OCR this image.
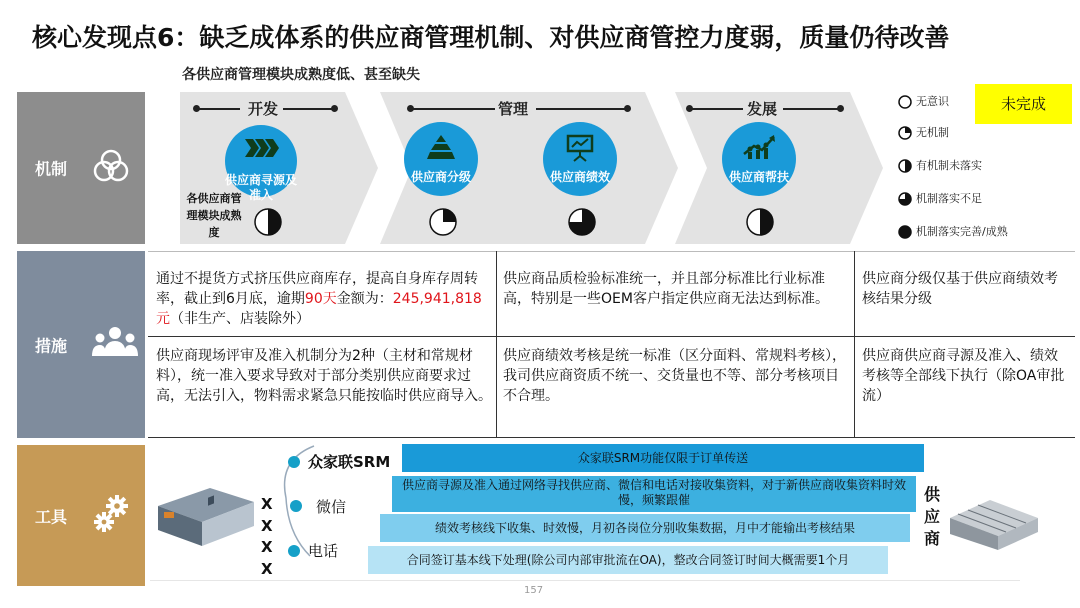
核心发现点6：缺乏成体系的供应商管理机制、对供应商管控力度弱，质量仍待改善
各供应商管理模块成熟度低、甚至缺失
机制
措施
工具
开发
供应商寻源及准入
管理
供应商分级	供应商绩效
发展
供应商帮扶
各供应商管理模块成熟度
无意识
无机制
有机制未落实
机制落实不足
机制落实完善/成熟
未完成
通过不提货方式挤压供应商库存，提高自身库存周转率，截止到6月底，逾期90天金额为：245,941,818元（非生产、店装除外）
供应商品质检验标准统一，并且部分标准比行业标准高，特别是一些OEM客户指定供应商无法达到标准。
供应商分级仅基于供应商绩效考核结果分级
供应商现场评审及准入机制分为2种（主材和常规材料），统一准入要求导致对于部分类别供应商要求过高，无法引入，物料需求紧急只能按临时供应商导入。
供应商绩效考核是统一标准（区分面料、常规料考核），我司供应商资质不统一、交货量也不等、部分考核项目不合理。
供应商供应商寻源及准入、绩效考核等全部线下执行（除OA审批流）
众家联SRM
微信
电话
X
X
X
X
众家联SRM功能仅限于订单传送
供应商寻源及准入通过网络寻找供应商、微信和电话对接收集资料，对于新供应商收集资料时效慢，频繁跟催
绩效考核线下收集、时效慢，月初各岗位分别收集数据，月中才能输出考核结果
合同签订基本线下处理(除公司内部审批流在OA)，整改合同签订时间大概需要1个月
供
应
商
157
